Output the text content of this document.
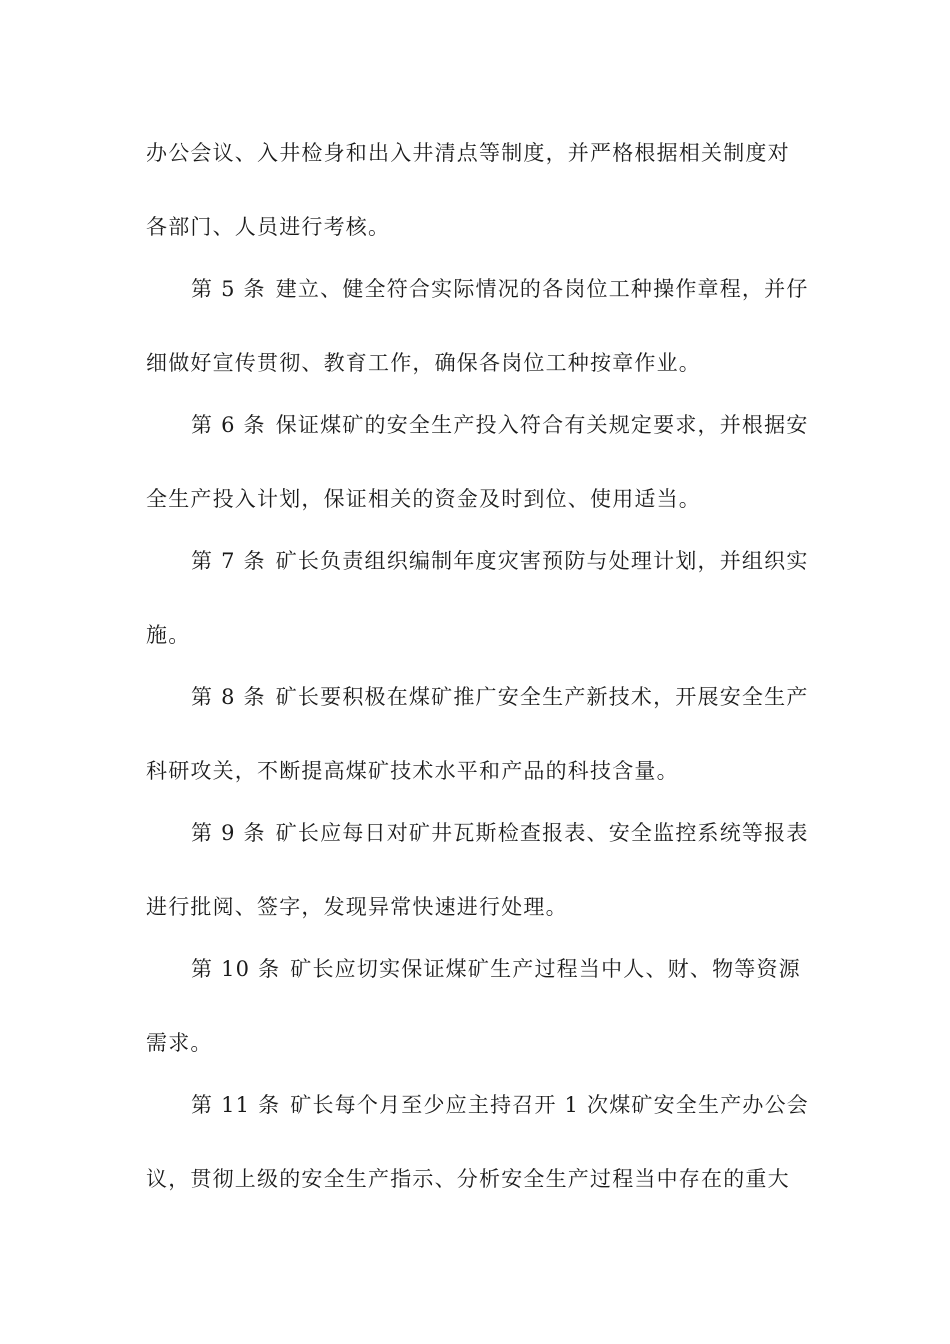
办公会议、入井检身和出入井清点等制度，并严格根据相关制度对
各部门、人员进行考核。
第 5 条 建立、健全符合实际情况的各岗位工种操作章程，并仔
细做好宣传贯彻、教育工作，确保各岗位工种按章作业。
第 6 条 保证煤矿的安全生产投入符合有关规定要求，并根据安
全生产投入计划，保证相关的资金及时到位、使用适当。
第 7 条 矿长负责组织编制年度灾害预防与处理计划，并组织实
施。
第 8 条 矿长要积极在煤矿推广安全生产新技术，开展安全生产
科研攻关，不断提高煤矿技术水平和产品的科技含量。
第 9 条 矿长应每日对矿井瓦斯检查报表、安全监控系统等报表
进行批阅、签字，发现异常快速进行处理。
第 10 条 矿长应切实保证煤矿生产过程当中人、财、物等资源
需求。
第 11 条 矿长每个月至少应主持召开 1 次煤矿安全生产办公会
议，贯彻上级的安全生产指示、分析安全生产过程当中存在的重大
